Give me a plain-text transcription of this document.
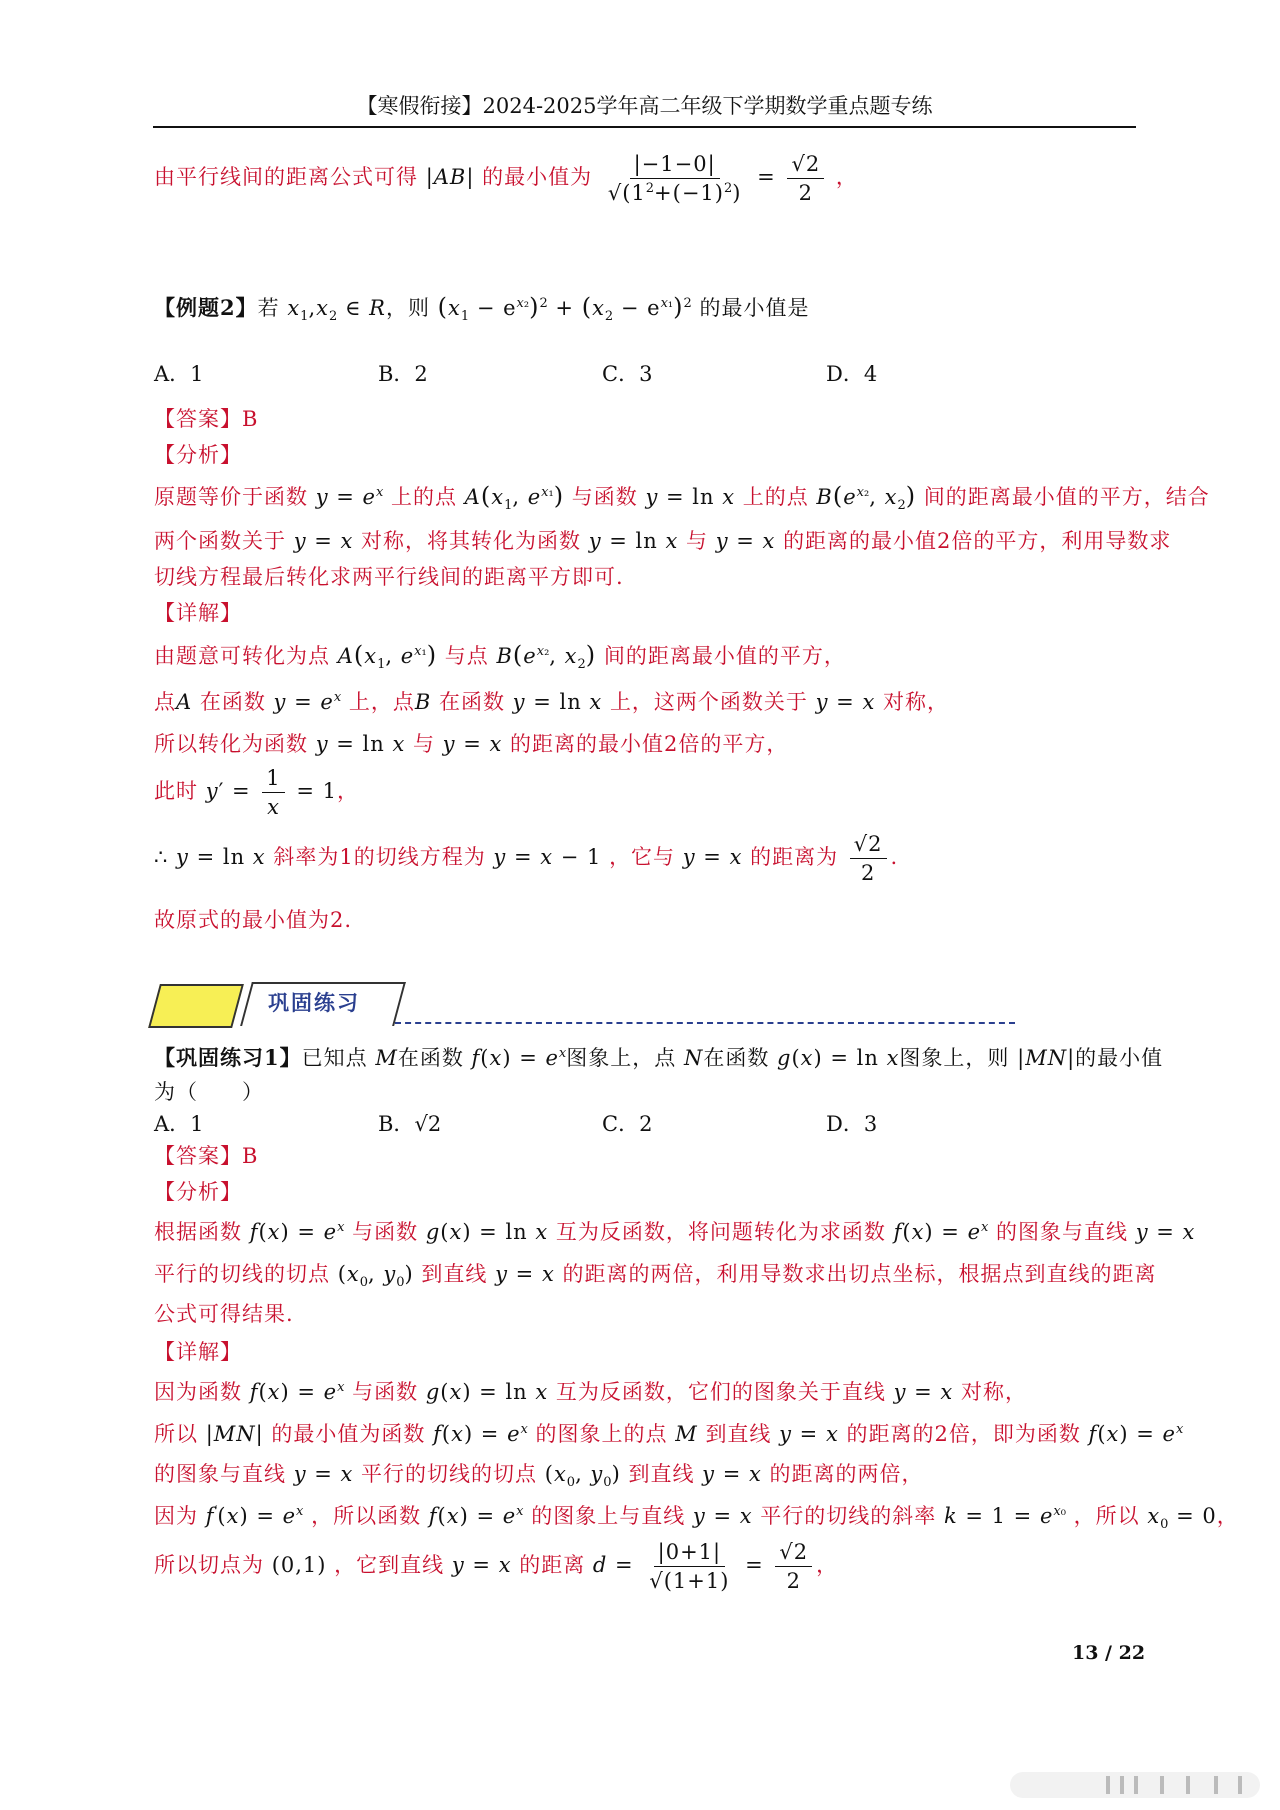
【寒假衔接】2024-2025学年高二年级下学期数学重点题专练
由平行线间的距离公式可得 |AB| 的最小值为 $\frac{|-1-0|}{√(1^2+(-1)^2)} = \frac{√2}{2}$ ，
【例题2】若 $x_1,x_2$ ∈ R，则 $(x_1 - e^{x_2})^2 + (x_2 - e^{x_1})^2$ 的最小值是
A．1	B．2	C．3	D．4
【答案】B
【分析】
原题等价于函数 $y = e^x$ 上的点 $A(x_1$, $e^{x_1}$) 与函数 y = ln x 上的点 $B(e^{x_2}$, $x_2$) 间的距离最小值的平方，结合
两个函数关于 y = x 对称，将其转化为函数 y = ln x 与 y = x 的距离的最小值2倍的平方，利用导数求
切线方程最后转化求两平行线间的距离平方即可.
【详解】
由题意可转化为点 $A(x_1$, $e^{x_1}$) 与点 $B(e^{x_2}$, $x_2$) 间的距离最小值的平方，
点A 在函数 $y = e^x$ 上，点B 在函数 y = ln x 上，这两个函数关于 y = x 对称，
所以转化为函数 y = ln x 与 y = x 的距离的最小值2倍的平方，
此时 $y' = \frac{1}{x} = 1$，
∴ y = ln x 斜率为1的切线方程为 y = x − 1 ，它与 y = x 的距离为 $\frac{√2}{2}$ .
故原式的最小值为2.
巩固练习
【巩固练习1】已知点 M在函数 $f(x) = e^x$图象上，点 N在函数 g(x) = ln x图象上，则 |MN|的最小值
为（　　）
A．1	B．√2	C．2	D．3
【答案】B
【分析】
根据函数 $f(x) = e^x$ 与函数 g(x) = ln x 互为反函数，将问题转化为求函数 $f(x) = e^x$ 的图象与直线 y = x
平行的切线的切点 ($x_0$, $y_0$) 到直线 y = x 的距离的两倍，利用导数求出切点坐标，根据点到直线的距离
公式可得结果.
【详解】
因为函数 $f(x) = e^x$ 与函数 g(x) = ln x 互为反函数，它们的图象关于直线 y = x 对称，
所以 |MN| 的最小值为函数 $f(x) = e^x$ 的图象上的点 M 到直线 y = x 的距离的2倍，即为函数 $f(x) = e^x$
的图象与直线 y = x 平行的切线的切点 ($x_0$, $y_0$) 到直线 y = x 的距离的两倍，
因为 $f'(x) = e^x$ ，所以函数 $f(x) = e^x$ 的图象上与直线 y = x 平行的切线的斜率 $k = 1 = e^{x_0}$ ，所以 $x_0 = 0$，
所以切点为 (0,1) ，它到直线 y = x 的距离 $d = \frac{|0+1|}{√(1+1)} = \frac{√2}{2}$ ，
13 / 22
